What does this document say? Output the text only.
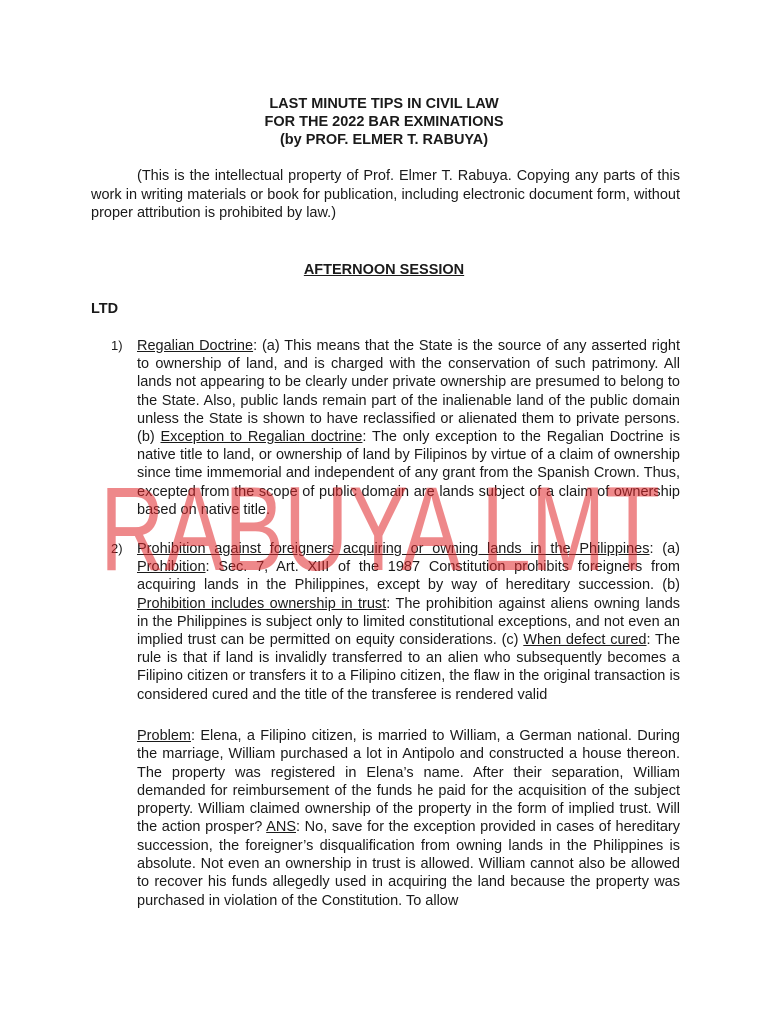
LAST MINUTE TIPS IN CIVIL LAW
FOR THE 2022 BAR EXMINATIONS
(by PROF. ELMER T. RABUYA)
(This is the intellectual property of Prof. Elmer T. Rabuya. Copying any parts of this work in writing materials or book for publication, including electronic document form, without proper attribution is prohibited by law.)
AFTERNOON SESSION
LTD
1) Regalian Doctrine: (a) This means that the State is the source of any asserted right to ownership of land, and is charged with the conservation of such patrimony. All lands not appearing to be clearly under private ownership are presumed to belong to the State. Also, public lands remain part of the inalienable land of the public domain unless the State is shown to have reclassified or alienated them to private persons. (b) Exception to Regalian doctrine: The only exception to the Regalian Doctrine is native title to land, or ownership of land by Filipinos by virtue of a claim of ownership since time immemorial and independent of any grant from the Spanish Crown. Thus, excepted from the scope of public domain are lands subject of a claim of ownership based on native title.
2) Prohibition against foreigners acquiring or owning lands in the Philippines: (a) Prohibition: Sec. 7, Art. XIII of the 1987 Constitution prohibits foreigners from acquiring lands in the Philippines, except by way of hereditary succession. (b) Prohibition includes ownership in trust: The prohibition against aliens owning lands in the Philippines is subject only to limited constitutional exceptions, and not even an implied trust can be permitted on equity considerations. (c) When defect cured: The rule is that if land is invalidly transferred to an alien who subsequently becomes a Filipino citizen or transfers it to a Filipino citizen, the flaw in the original transaction is considered cured and the title of the transferee is rendered valid
Problem: Elena, a Filipino citizen, is married to William, a German national. During the marriage, William purchased a lot in Antipolo and constructed a house thereon. The property was registered in Elena’s name. After their separation, William demanded for reimbursement of the funds he paid for the acquisition of the subject property. William claimed ownership of the property in the form of implied trust. Will the action prosper? ANS: No, save for the exception provided in cases of hereditary succession, the foreigner’s disqualification from owning lands in the Philippines is absolute. Not even an ownership in trust is allowed. William cannot also be allowed to recover his funds allegedly used in acquiring the land because the property was purchased in violation of the Constitution. To allow
RABUYA LMT
